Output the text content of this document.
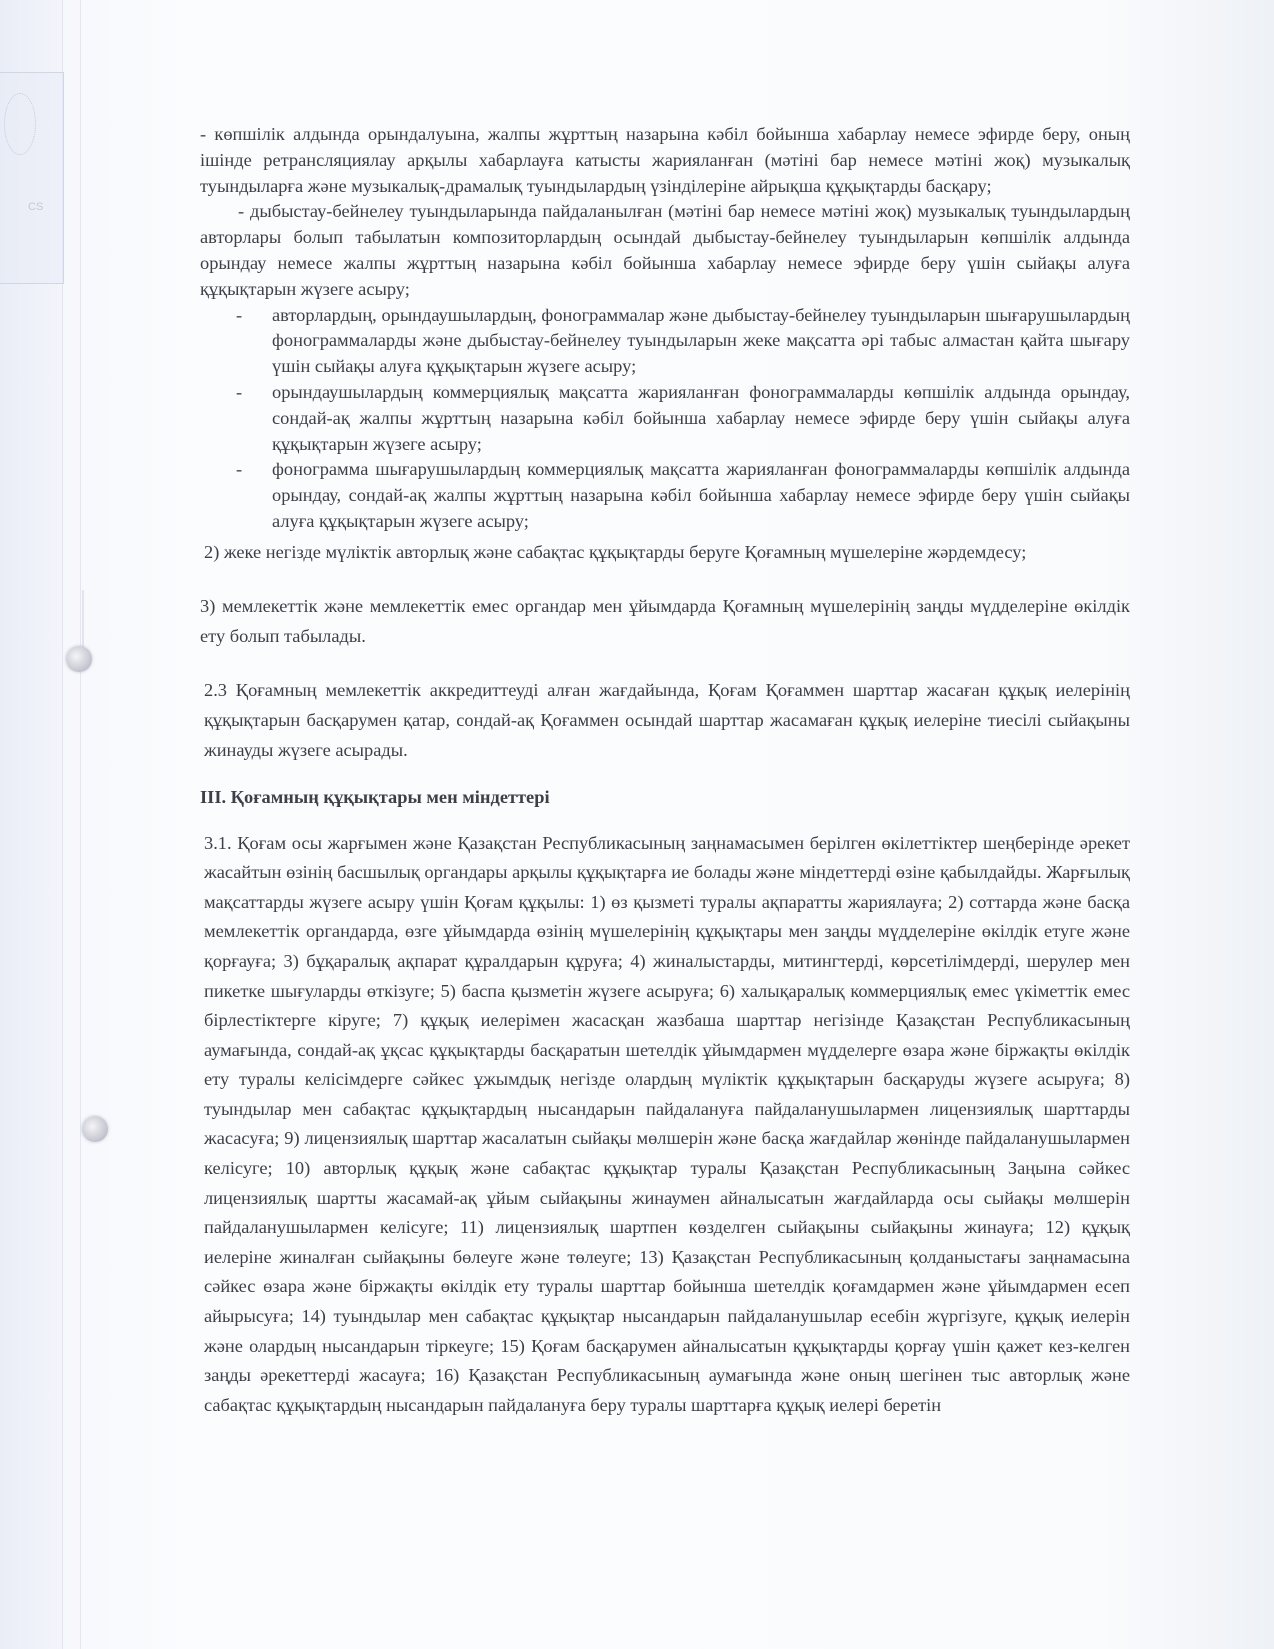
СЅ

- көпшілік алдында орындалуына, жалпы жұрттың назарына кәбіл бойынша хабарлау немесе эфирде беру, оның ішінде ретрансляциялау арқылы хабарлауға катысты жарияланған (мәтіні бар немесе мәтіні жоқ) музыкалық туындыларға және музыкалық-драмалық туындылардың үзінділеріне айрықша құқықтарды басқару;

- дыбыстау-бейнелеу туындыларында пайдаланылған (мәтіні бар немесе мәтіні жоқ) музыкалық туындылардың авторлары болып табылатын композиторлардың осындай дыбыстау-бейнелеу туындыларын көпшілік алдында орындау немесе жалпы жұрттың назарына кәбіл бойынша хабарлау немесе эфирде беру үшін сыйақы алуға құқықтарын жүзеге асыру;

-	авторлардың, орындаушылардың, фонограммалар және дыбыстау-бейнелеу туындыларын шығарушылардың фонограммаларды және дыбыстау-бейнелеу туындыларын жеке мақсатта әрі табыс алмастан қайта шығару үшін сыйақы алуға құқықтарын жүзеге асыру;
-	орындаушылардың коммерциялық мақсатта жарияланған фонограммаларды көпшілік алдында орындау, сондай-ақ жалпы жұрттың назарына кәбіл бойынша хабарлау немесе эфирде беру үшін сыйақы алуға құқықтарын жүзеге асыру;
-	фонограмма шығарушылардың коммерциялық мақсатта жарияланған фонограммаларды көпшілік алдында орындау, сондай-ақ жалпы жұрттың назарына кәбіл бойынша хабарлау немесе эфирде беру үшін сыйақы алуға құқықтарын жүзеге асыру;

2) жеке негізде мүліктік авторлық және сабақтас құқықтарды беруге Қоғамның мүшелеріне жәрдемдесу;

3) мемлекеттік және мемлекеттік емес органдар мен ұйымдарда Қоғамның мүшелерінің заңды мүдделеріне өкілдік ету болып табылады.

2.3 Қоғамның мемлекеттік аккредиттеуді алған жағдайында, Қоғам Қоғаммен шарттар жасаған құқық иелерінің құқықтарын басқарумен қатар, сондай-ақ Қоғаммен осындай шарттар жасамаған құқық иелеріне тиесілі сыйақыны жинауды жүзеге асырады.

ІІІ. Қоғамның құқықтары мен міндеттері

3.1. Қоғам осы жарғымен және Қазақстан Республикасының заңнамасымен берілген өкілеттіктер шеңберінде әрекет жасайтын өзінің басшылық органдары арқылы құқықтарға ие болады және міндеттерді өзіне қабылдайды. Жарғылық мақсаттарды жүзеге асыру үшін Қоғам құқылы: 1) өз қызметі туралы ақпаратты жариялауға; 2) соттарда және басқа мемлекеттік органдарда, өзге ұйымдарда өзінің мүшелерінің құқықтары мен заңды мүдделеріне өкілдік етуге және қорғауға; 3) бұқаралық ақпарат құралдарын құруға; 4) жиналыстарды, митингтерді, көрсетілімдерді, шерулер мен пикетке шығуларды өткізуге; 5) баспа қызметін жүзеге асыруға; 6) халықаралық коммерциялық емес үкіметтік емес бірлестіктерге кіруге; 7) құқық иелерімен жасасқан жазбаша шарттар негізінде Қазақстан Республикасының аумағында, сондай-ақ ұқсас құқықтарды басқаратын шетелдік ұйымдармен мүдделерге өзара және біржақты өкілдік ету туралы келісімдерге сәйкес ұжымдық негізде олардың мүліктік құқықтарын басқаруды жүзеге асыруға; 8) туындылар мен сабақтас құқықтардың нысандарын пайдалануға пайдаланушылармен лицензиялық шарттарды жасасуға; 9) лицензиялық шарттар жасалатын сыйақы мөлшерін және басқа жағдайлар жөнінде пайдаланушылармен келісуге; 10) авторлық құқық және сабақтас құқықтар туралы Қазақстан Республикасының Заңына сәйкес лицензиялық шартты жасамай-ақ ұйым сыйақыны жинаумен айналысатын жағдайларда осы сыйақы мөлшерін пайдаланушылармен келісуге; 11) лицензиялық шартпен көзделген сыйақыны сыйақыны жинауға; 12) құқық иелеріне жиналған сыйақыны бөлеуге және төлеуге; 13) Қазақстан Республикасының қолданыстағы заңнамасына сәйкес өзара және біржақты өкілдік ету туралы шарттар бойынша шетелдік қоғамдармен және ұйымдармен есеп айырысуға; 14) туындылар мен сабақтас құқықтар нысандарын пайдаланушылар есебін жүргізуге, құқық иелерін және олардың нысандарын тіркеуге; 15) Қоғам басқарумен айналысатын құқықтарды қорғау үшін қажет кез-келген заңды әрекеттерді жасауға; 16) Қазақстан Республикасының аумағында және оның шегінен тыс авторлық және сабақтас құқықтардың нысандарын пайдалануға беру туралы шарттарға құқық иелері беретін
